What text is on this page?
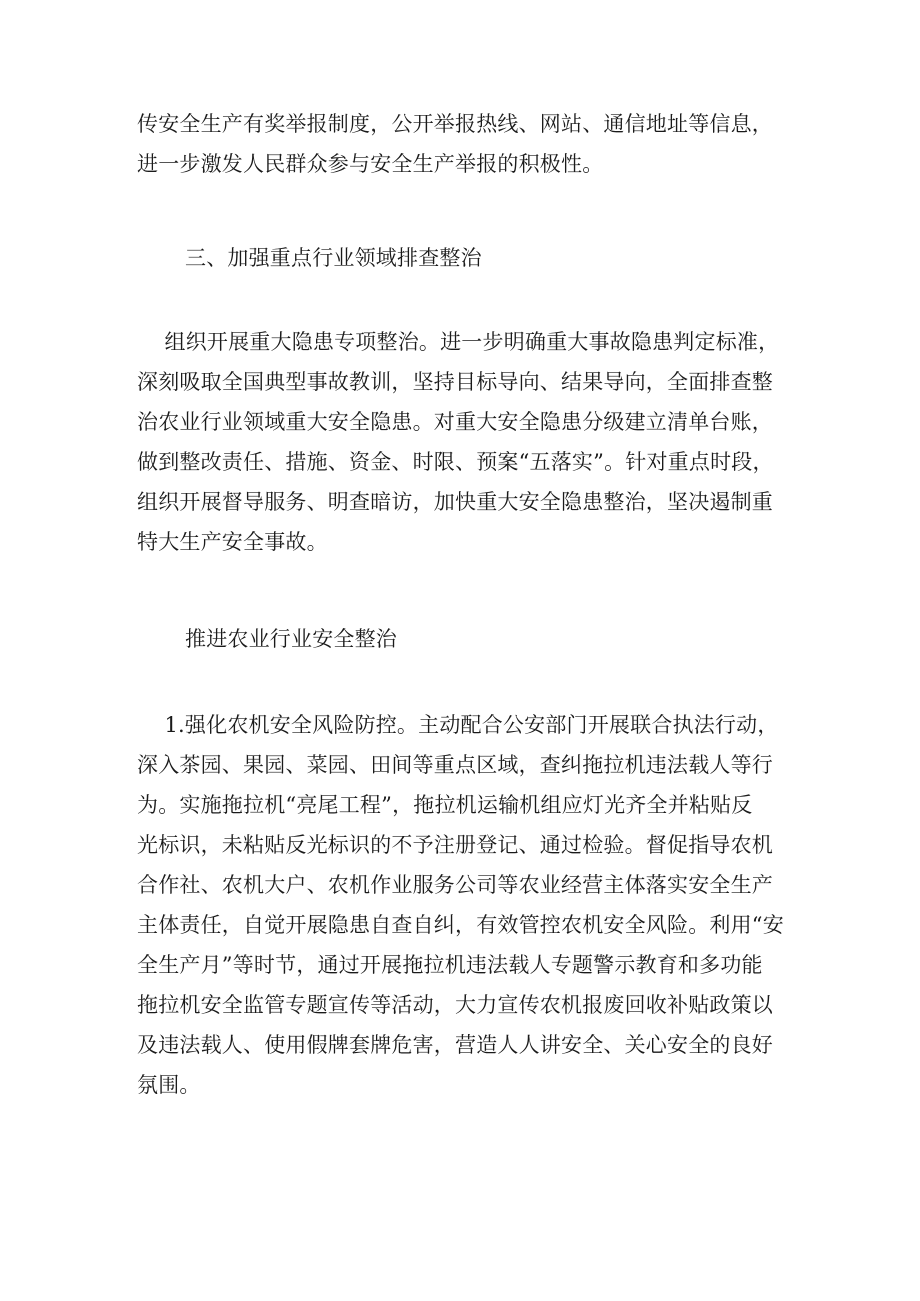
传安全生产有奖举报制度，公开举报热线、网站、通信地址等信息，
进一步激发人民群众参与安全生产举报的积极性。

三、加强重点行业领域排查整治

组织开展重大隐患专项整治。进一步明确重大事故隐患判定标准，
深刻吸取全国典型事故教训，坚持目标导向、结果导向，全面排查整
治农业行业领域重大安全隐患。对重大安全隐患分级建立清单台账，
做到整改责任、措施、资金、时限、预案“五落实”。针对重点时段，
组织开展督导服务、明查暗访，加快重大安全隐患整治，坚决遏制重
特大生产安全事故。

推进农业行业安全整治

1.强化农机安全风险防控。主动配合公安部门开展联合执法行动，
深入茶园、果园、菜园、田间等重点区域，查纠拖拉机违法载人等行
为。实施拖拉机“亮尾工程”，拖拉机运输机组应灯光齐全并粘贴反
光标识，未粘贴反光标识的不予注册登记、通过检验。督促指导农机
合作社、农机大户、农机作业服务公司等农业经营主体落实安全生产
主体责任，自觉开展隐患自查自纠，有效管控农机安全风险。利用“安
全生产月”等时节，通过开展拖拉机违法载人专题警示教育和多功能
拖拉机安全监管专题宣传等活动，大力宣传农机报废回收补贴政策以
及违法载人、使用假牌套牌危害，营造人人讲安全、关心安全的良好
氛围。
